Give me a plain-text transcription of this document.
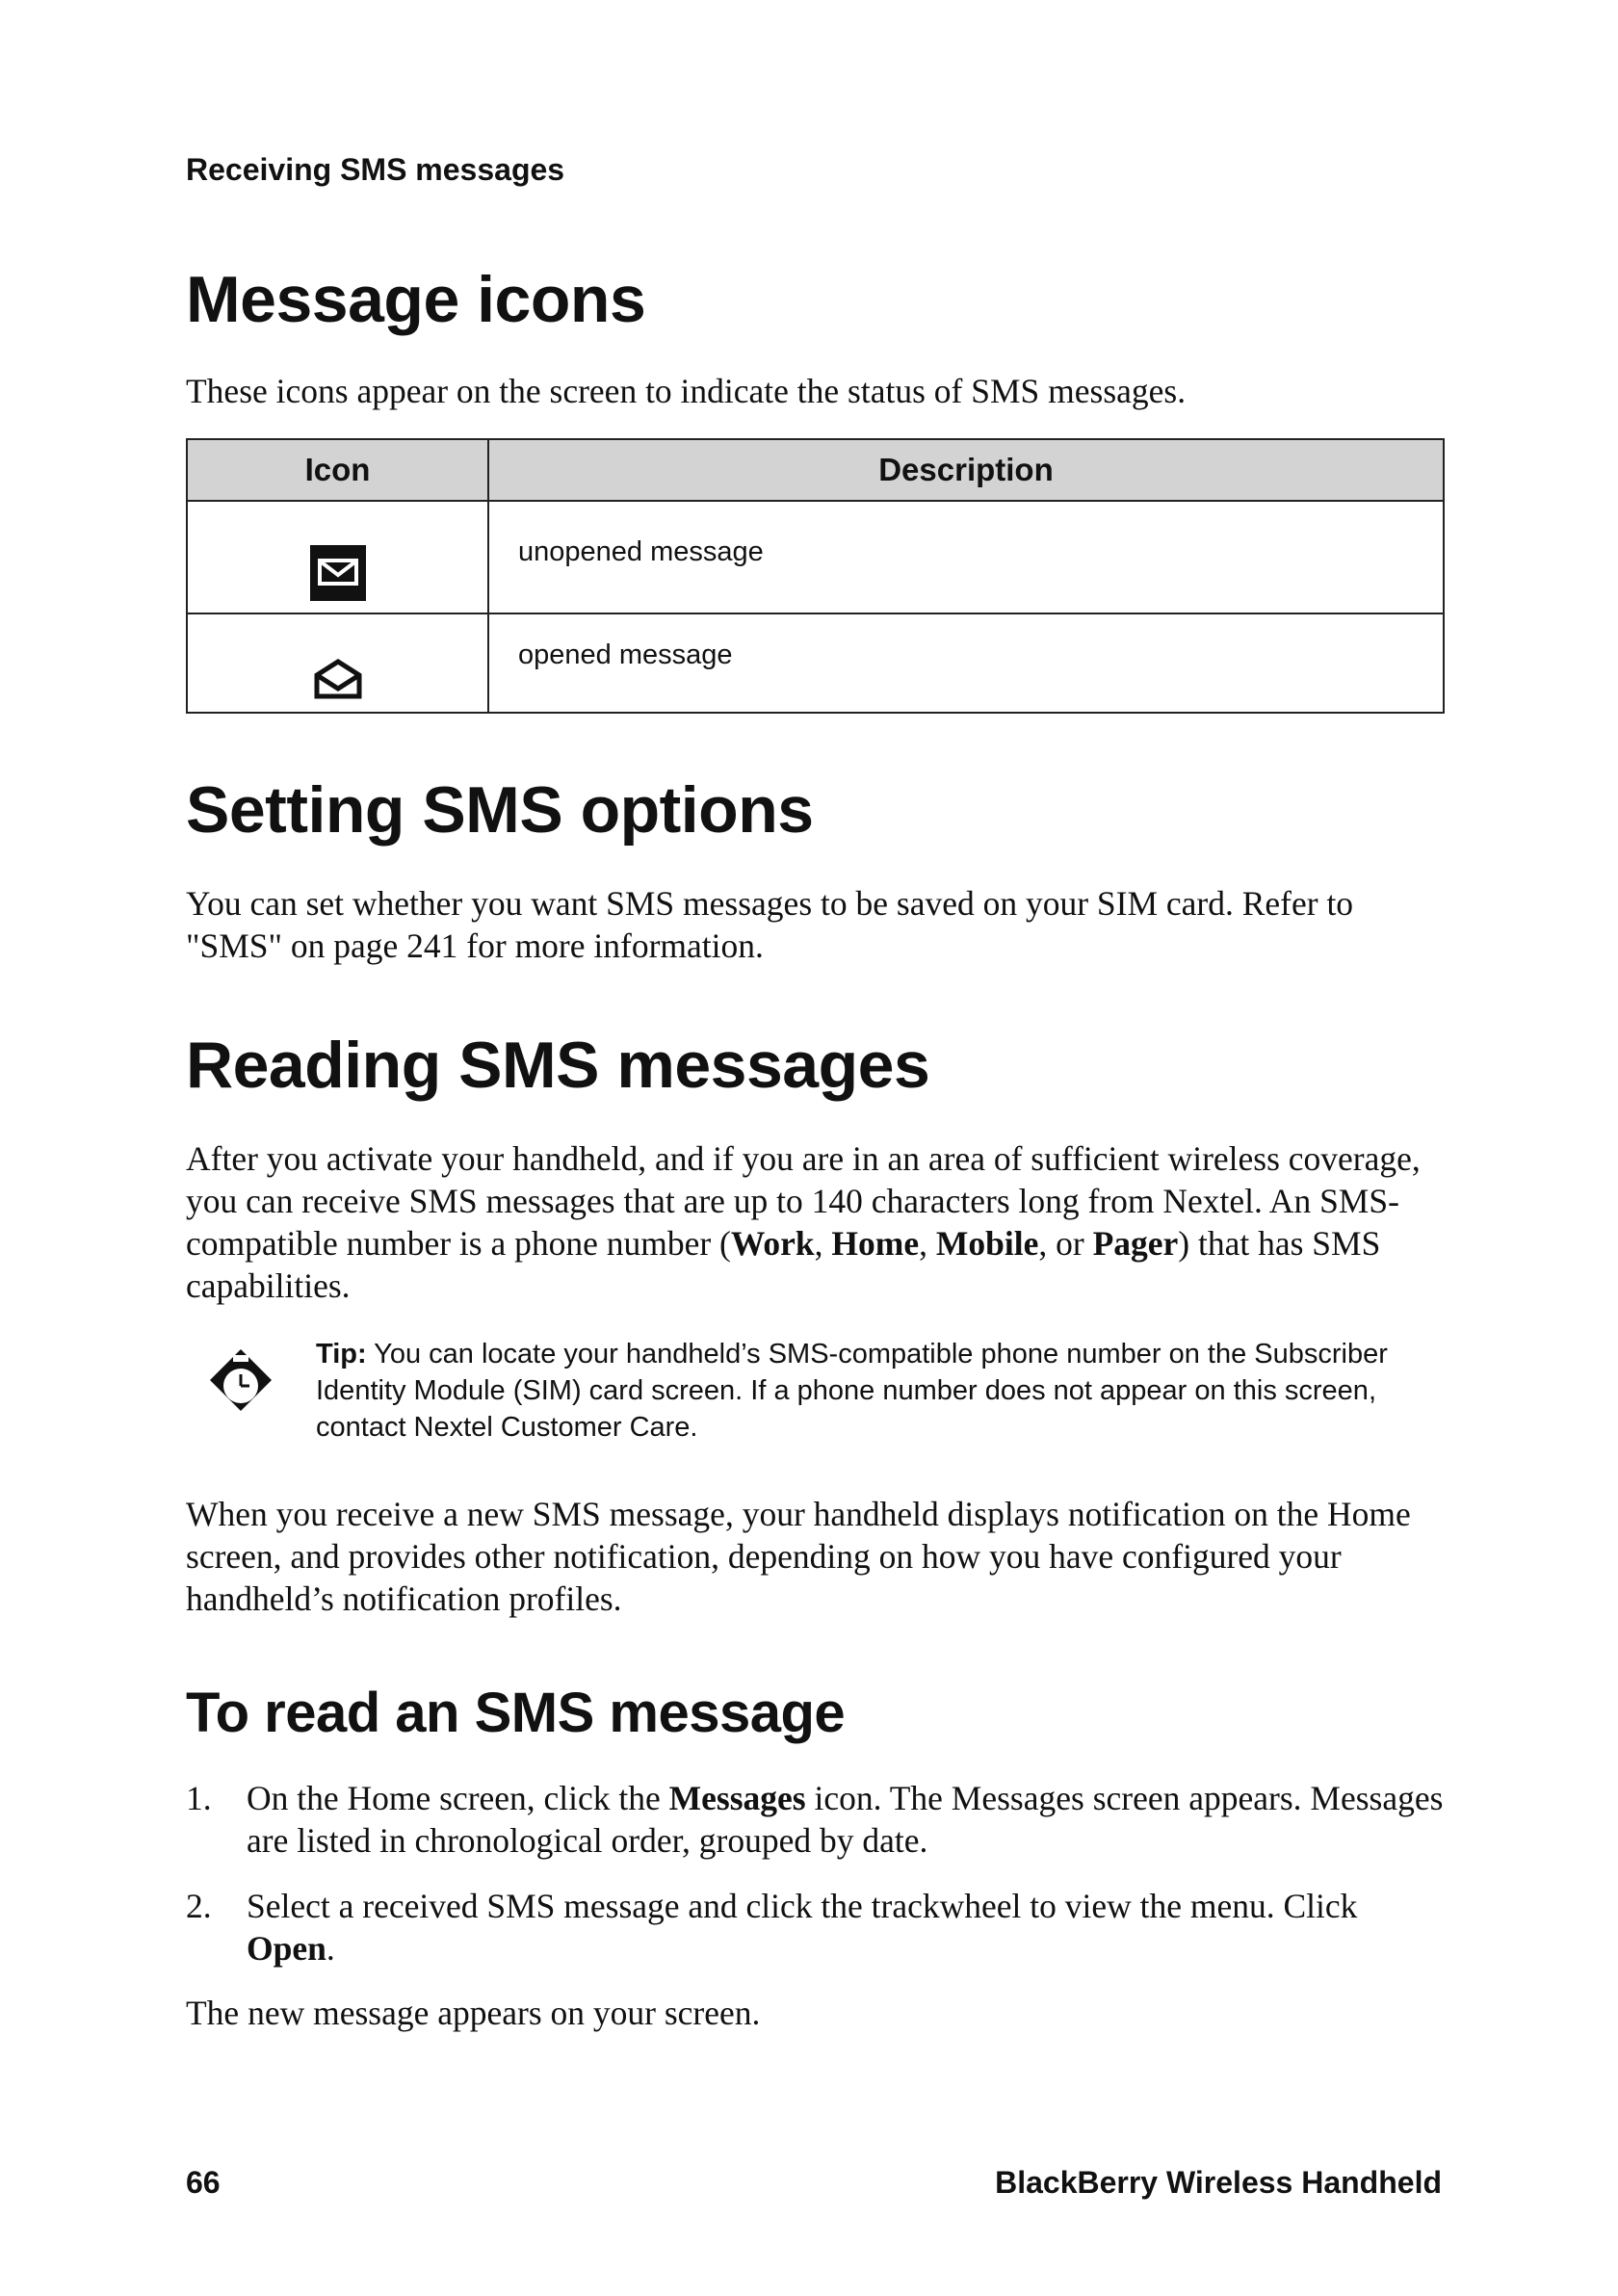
Receiving SMS messages
Message icons

These icons appear on the screen to indicate the status of SMS messages.

Icon	Description

unopened message

opened message
Setting SMS options

You can set whether you want SMS messages to be saved on your SIM card. Refer to "SMS" on page 241 for more information.

Reading SMS messages

After you activate your handheld, and if you are in an area of sufficient wireless coverage, you can receive SMS messages that are up to 140 characters long from Nextel. An SMS-compatible number is a phone number (Work, Home, Mobile, or Pager) that has SMS capabilities.

Tip: You can locate your handheld’s SMS-compatible phone number on the Subscriber Identity Module (SIM) card screen. If a phone number does not appear on this screen, contact Nextel Customer Care.

When you receive a new SMS message, your handheld displays notification on the Home screen, and provides other notification, depending on how you have configured your handheld’s notification profiles.

To read an SMS message
1. On the Home screen, click the Messages icon. The Messages screen appears. Messages are listed in chronological order, grouped by date.
2. Select a received SMS message and click the trackwheel to view the menu. Click Open.

The new message appears on your screen.

66	BlackBerry Wireless Handheld
